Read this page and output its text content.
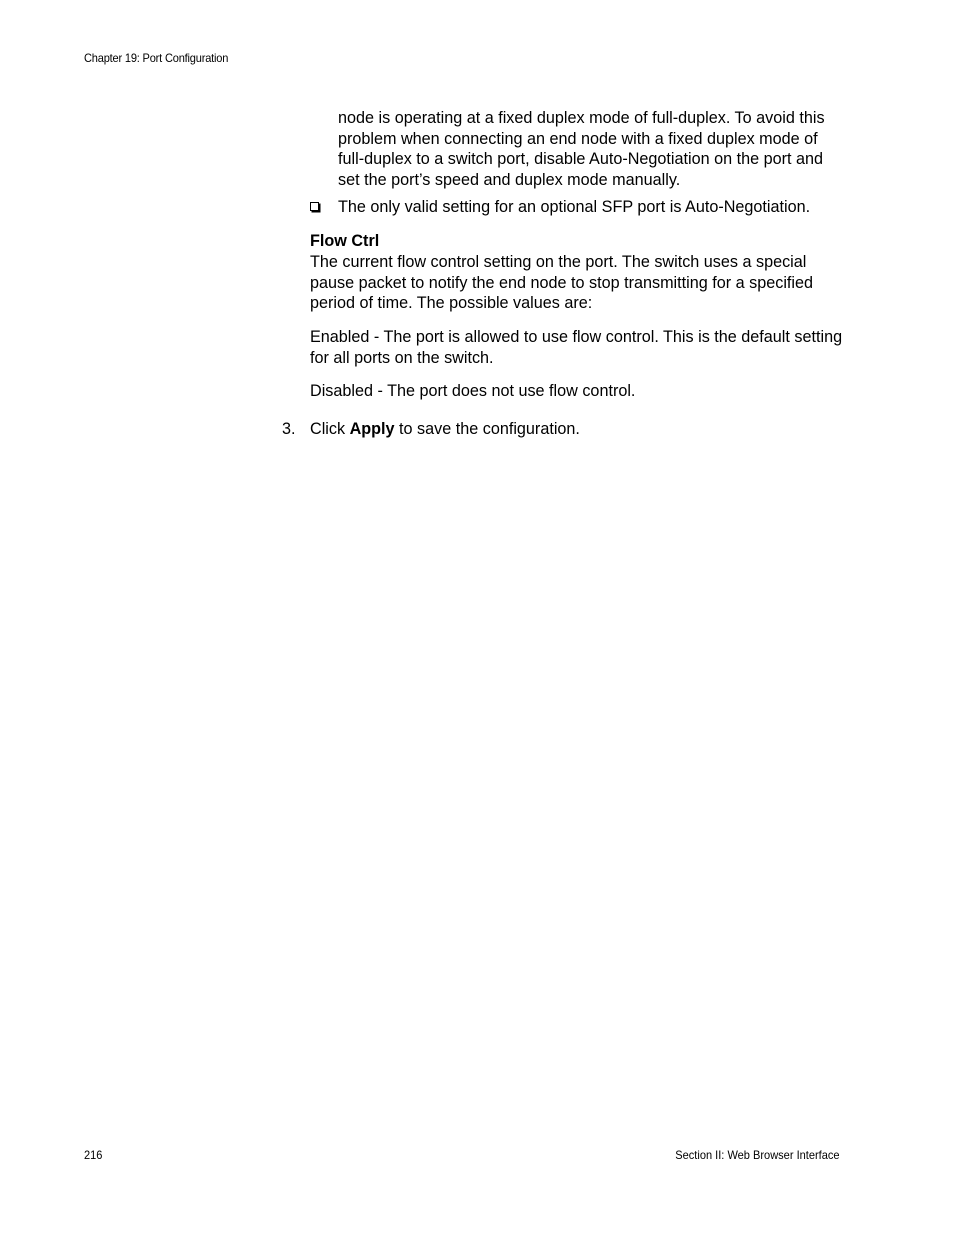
Chapter 19: Port Configuration

node is operating at a fixed duplex mode of full-duplex. To avoid this problem when connecting an end node with a fixed duplex mode of full-duplex to a switch port, disable Auto-Negotiation on the port and set the port’s speed and duplex mode manually.

The only valid setting for an optional SFP port is Auto-Negotiation.

Flow Ctrl

The current flow control setting on the port. The switch uses a special pause packet to notify the end node to stop transmitting for a specified period of time. The possible values are:

Enabled - The port is allowed to use flow control. This is the default setting for all ports on the switch.

Disabled - The port does not use flow control.

3. Click Apply to save the configuration.
216	Section II: Web Browser Interface
